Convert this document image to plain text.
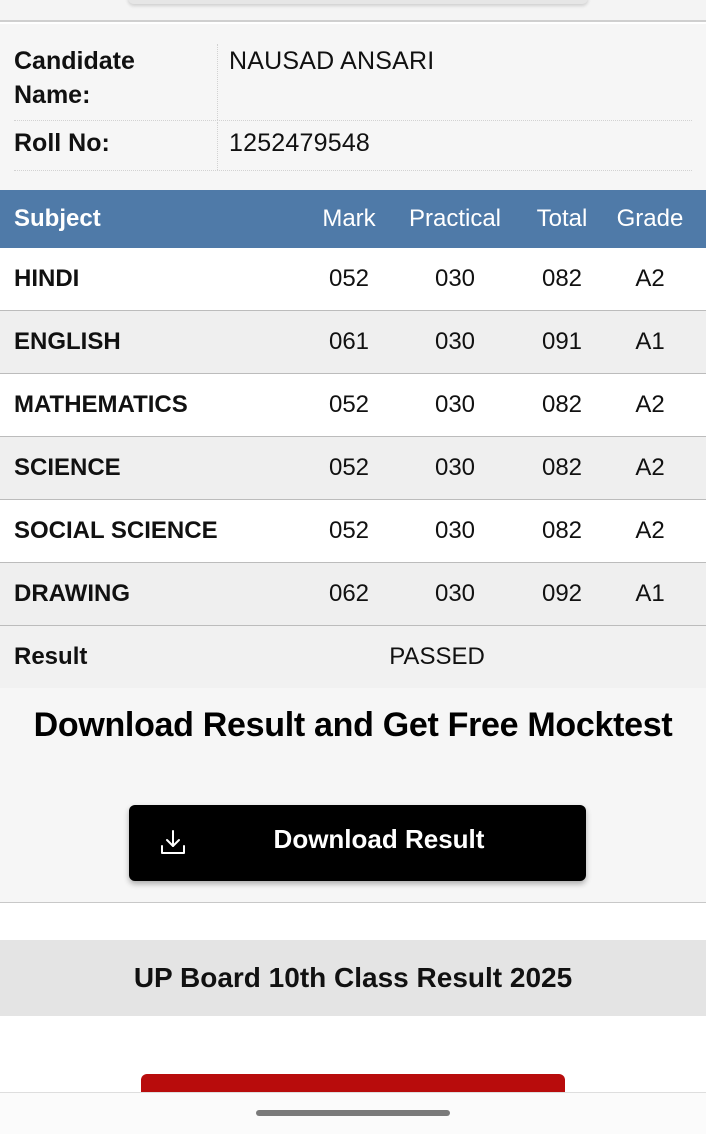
Candidate Name:
NAUSAD ANSARI
Roll No:	1252479548
Subject	Mark	Practical	Total	Grade
HINDI	052	030	082	A2
ENGLISH	061	030	091	A1
MATHEMATICS	052	030	082	A2
SCIENCE	052	030	082	A2
SOCIAL SCIENCE	052	030	082	A2
DRAWING	062	030	092	A1
Result	PASSED
Download Result and Get Free Mocktest
Download Result
UP Board 10th Class Result 2025
